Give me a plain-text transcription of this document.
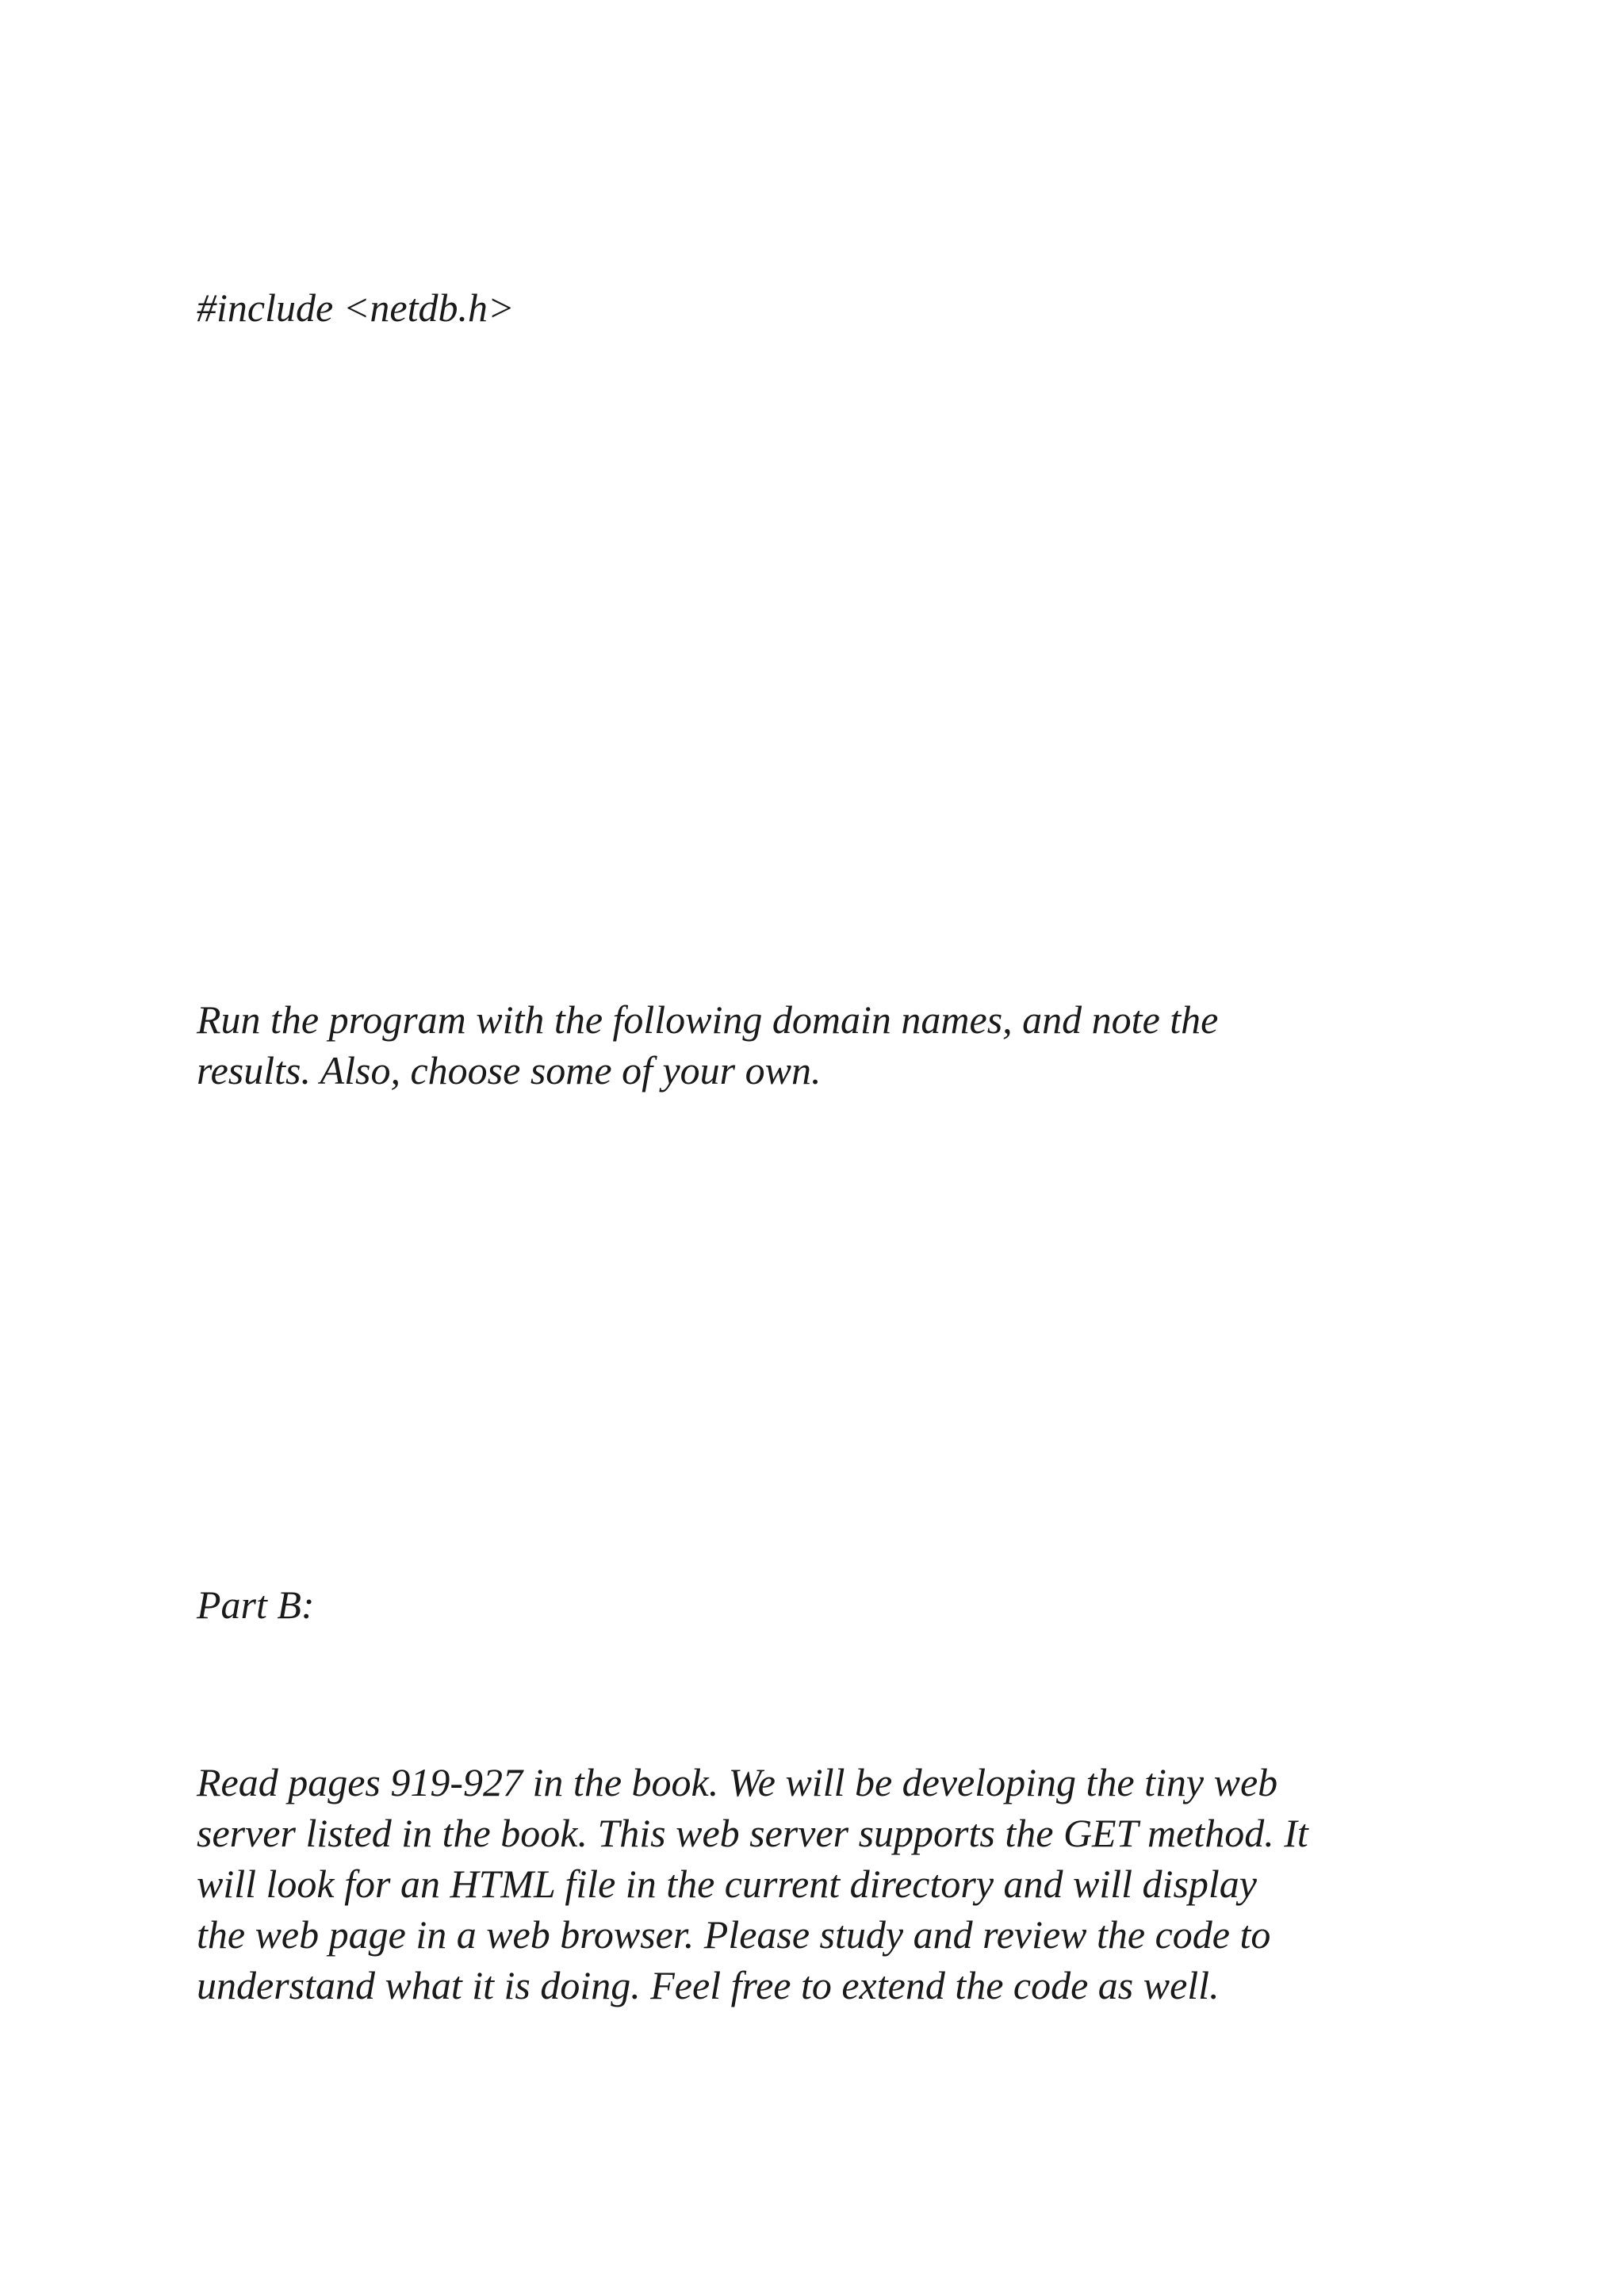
#include <netdb.h>

Run the program with the following domain names, and note the
results. Also, choose some of your own.

Part B:

Read pages 919-927 in the book. We will be developing the tiny web
server listed in the book. This web server supports the GET method. It
will look for an HTML file in the current directory and will display
the web page in a web browser. Please study and review the code to
understand what it is doing. Feel free to extend the code as well.
